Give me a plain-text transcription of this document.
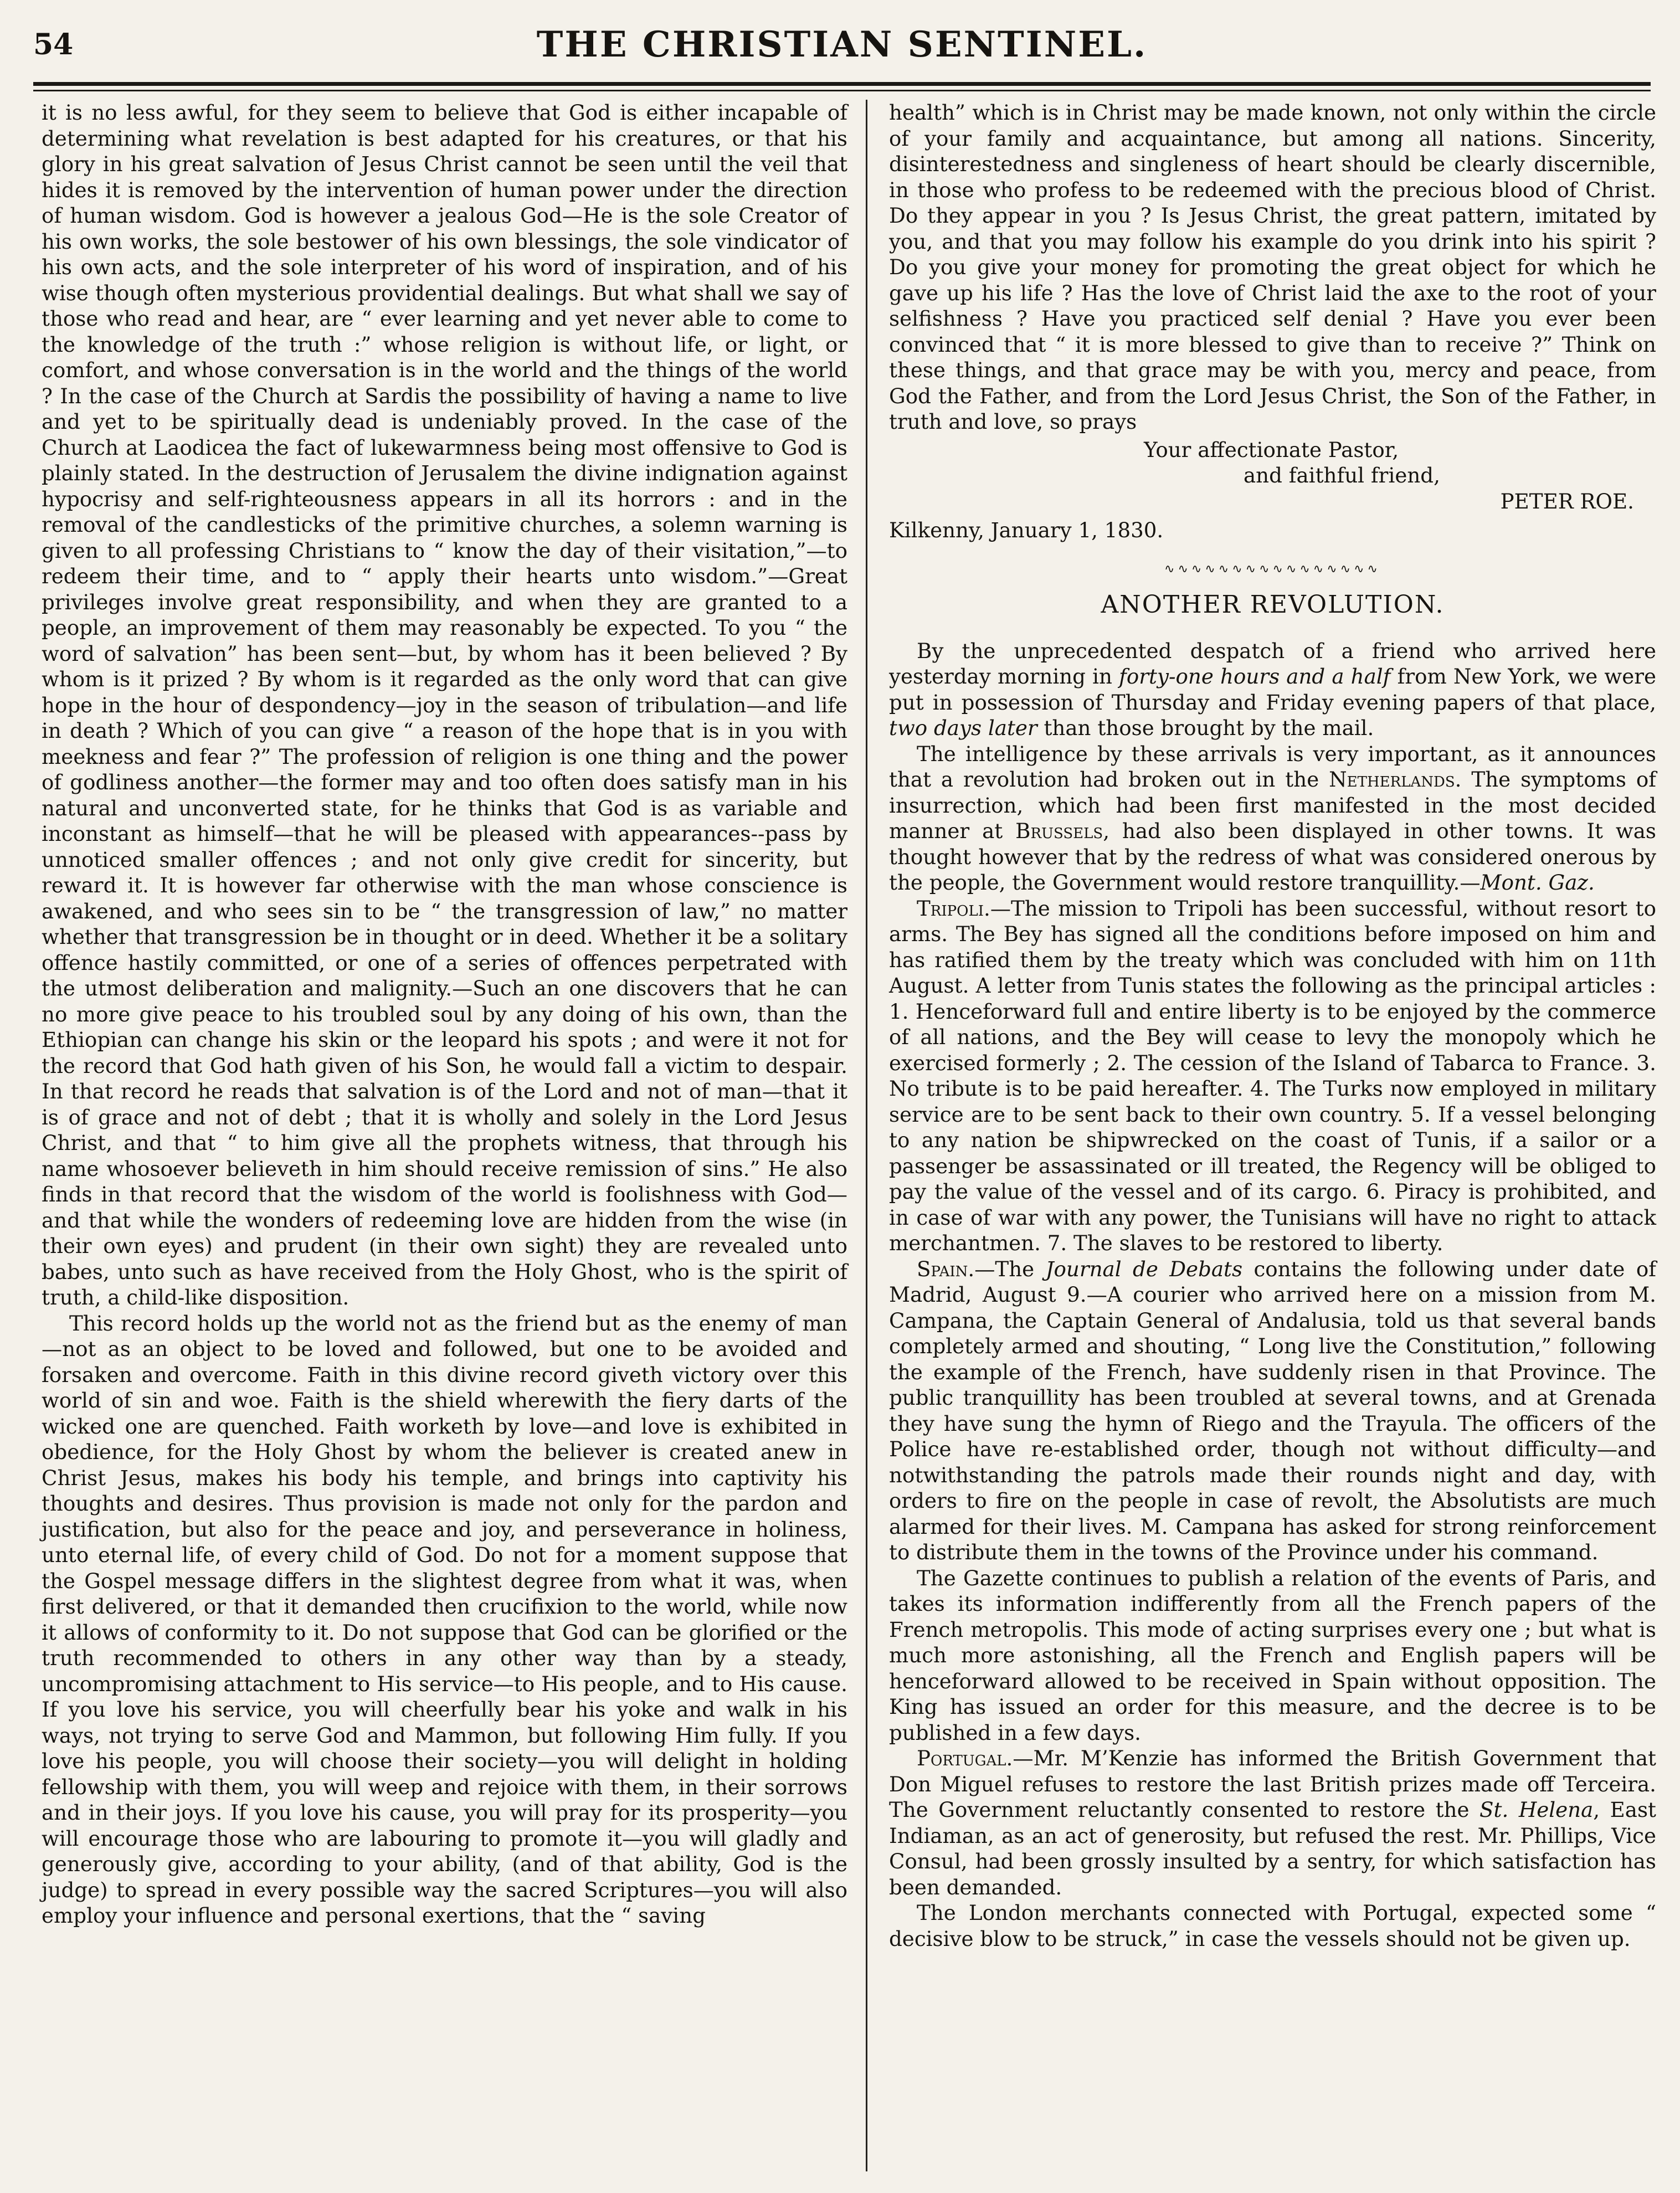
54	THE CHRISTIAN SENTINEL.

it is no less awful, for they seem to believe that God is either incapable of determining what revelation is best adapted for his creatures, or that his glory in his great salvation of Jesus Christ cannot be seen until the veil that hides it is removed by the intervention of human power under the direction of human wisdom. God is however a jealous God—He is the sole Creator of his own works, the sole bestower of his own blessings, the sole vindicator of his own acts, and the sole interpreter of his word of inspiration, and of his wise though often mysterious providential dealings. But what shall we say of those who read and hear, are “ ever learning and yet never able to come to the knowledge of the truth :” whose religion is without life, or light, or comfort, and whose conversation is in the world and the things of the world ? In the case of the Church at Sardis the possibility of having a name to live and yet to be spiritually dead is undeniably proved. In the case of the Church at Laodicea the fact of lukewarmness being most offensive to God is plainly stated. In the destruction of Jerusalem the divine indignation against hypocrisy and self-righteousness appears in all its horrors : and in the removal of the candlesticks of the primitive churches, a solemn warning is given to all professing Christians to “ know the day of their visitation,”—to redeem their time, and to “ apply their hearts unto wisdom.”—Great privileges involve great responsibility, and when they are granted to a people, an improvement of them may reasonably be expected. To you “ the word of salvation” has been sent—but, by whom has it been believed ? By whom is it prized ? By whom is it regarded as the only word that can give hope in the hour of despondency—joy in the season of tribulation—and life in death ? Which of you can give “ a reason of the hope that is in you with meekness and fear ?” The profession of religion is one thing and the power of godliness another—the former may and too often does satisfy man in his natural and unconverted state, for he thinks that God is as variable and inconstant as himself—that he will be pleased with appearances--pass by unnoticed smaller offences ; and not only give credit for sincerity, but reward it. It is however far otherwise with the man whose conscience is awakened, and who sees sin to be “ the transgression of law,” no matter whether that transgression be in thought or in deed. Whether it be a solitary offence hastily committed, or one of a series of offences perpetrated with the utmost deliberation and malignity.—Such an one discovers that he can no more give peace to his troubled soul by any doing of his own, than the Ethiopian can change his skin or the leopard his spots ; and were it not for the record that God hath given of his Son, he would fall a victim to despair. In that record he reads that salvation is of the Lord and not of man—that it is of grace and not of debt ; that it is wholly and solely in the Lord Jesus Christ, and that “ to him give all the prophets witness, that through his name whosoever believeth in him should receive remission of sins.” He also finds in that record that the wisdom of the world is foolishness with God— and that while the wonders of redeeming love are hidden from the wise (in their own eyes) and prudent (in their own sight) they are revealed unto babes, unto such as have received from the Holy Ghost, who is the spirit of truth, a child-like disposition.

This record holds up the world not as the friend but as the enemy of man—not as an object to be loved and followed, but one to be avoided and forsaken and overcome. Faith in this divine record giveth victory over this world of sin and woe. Faith is the shield wherewith the fiery darts of the wicked one are quenched. Faith worketh by love—and love is exhibited in obedience, for the Holy Ghost by whom the believer is created anew in Christ Jesus, makes his body his temple, and brings into captivity his thoughts and desires. Thus provision is made not only for the pardon and justification, but also for the peace and joy, and perseverance in holiness, unto eternal life, of every child of God. Do not for a moment suppose that the Gospel message differs in the slightest degree from what it was, when first delivered, or that it demanded then crucifixion to the world, while now it allows of conformity to it. Do not suppose that God can be glorified or the truth recommended to others in any other way than by a steady, uncompromising attachment to His service—to His people, and to His cause. If you love his service, you will cheerfully bear his yoke and walk in his ways, not trying to serve God and Mammon, but following Him fully. If you love his people, you will choose their society—you will delight in holding fellowship with them, you will weep and rejoice with them, in their sorrows and in their joys. If you love his cause, you will pray for its prosperity—you will encourage those who are labouring to promote it—you will gladly and generously give, according to your ability, (and of that ability, God is the judge) to spread in every possible way the sacred Scriptures—you will also employ your influence and personal exertions, that the “ saving

health” which is in Christ may be made known, not only within the circle of your family and acquaintance, but among all nations. Sincerity, disinterestedness and singleness of heart should be clearly discernible, in those who profess to be redeemed with the precious blood of Christ. Do they appear in you ? Is Jesus Christ, the great pattern, imitated by you, and that you may follow his example do you drink into his spirit ? Do you give your money for promoting the great object for which he gave up his life ? Has the love of Christ laid the axe to the root of your selfishness ? Have you practiced self denial ? Have you ever been convinced that “ it is more blessed to give than to receive ?” Think on these things, and that grace may be with you, mercy and peace, from God the Father, and from the Lord Jesus Christ, the Son of the Father, in truth and love, so prays

Your affectionate Pastor,

and faithful friend,

PETER ROE.

Kilkenny, January 1, 1830.

∿∿∿∿∿∿∿∿∿∿∿∿∿∿∿∿
ANOTHER REVOLUTION.

By the unprecedented despatch of a friend who arrived here yesterday morning in forty-one hours and a half from New York, we were put in possession of Thursday and Friday evening papers of that place, two days later than those brought by the mail.

The intelligence by these arrivals is very important, as it announces that a revolution had broken out in the Netherlands. The symptoms of insurrection, which had been first manifested in the most decided manner at Brussels, had also been displayed in other towns. It was thought however that by the redress of what was considered onerous by the people, the Government would restore tranquillity.—Mont. Gaz.

Tripoli.—The mission to Tripoli has been successful, without resort to arms. The Bey has signed all the conditions before imposed on him and has ratified them by the treaty which was concluded with him on 11th August. A letter from Tunis states the following as the principal articles : 1. Henceforward full and entire liberty is to be enjoyed by the commerce of all nations, and the Bey will cease to levy the monopoly which he exercised formerly ; 2. The cession of the Island of Tabarca to France. 3. No tribute is to be paid hereafter. 4. The Turks now employed in military service are to be sent back to their own country. 5. If a vessel belonging to any nation be shipwrecked on the coast of Tunis, if a sailor or a passenger be assassinated or ill treated, the Regency will be obliged to pay the value of the vessel and of its cargo. 6. Piracy is prohibited, and in case of war with any power, the Tunisians will have no right to attack merchantmen. 7. The slaves to be restored to liberty.

Spain.—The Journal de Debats contains the following under date of Madrid, August 9.—A courier who arrived here on a mission from M. Campana, the Captain General of Andalusia, told us that several bands completely armed and shouting, “ Long live the Constitution,” following the example of the French, have suddenly risen in that Province. The public tranquillity has been troubled at several towns, and at Grenada they have sung the hymn of Riego and the Trayula. The officers of the Police have re-established order, though not without difficulty—and notwithstanding the patrols made their rounds night and day, with orders to fire on the people in case of revolt, the Absolutists are much alarmed for their lives. M. Campana has asked for strong reinforcement to distribute them in the towns of the Province under his command.

The Gazette continues to publish a relation of the events of Paris, and takes its information indifferently from all the French papers of the French metropolis. This mode of acting surprises every one ; but what is much more astonishing, all the French and English papers will be henceforward allowed to be received in Spain without opposition. The King has issued an order for this measure, and the decree is to be published in a few days.

Portugal.—Mr. M’Kenzie has informed the British Government that Don Miguel refuses to restore the last British prizes made off Terceira. The Government reluctantly consented to restore the St. Helena, East Indiaman, as an act of generosity, but refused the rest. Mr. Phillips, Vice Consul, had been grossly insulted by a sentry, for which satisfaction has been demanded.

The London merchants connected with Portugal, expected some “ decisive blow to be struck,” in case the vessels should not be given up.
